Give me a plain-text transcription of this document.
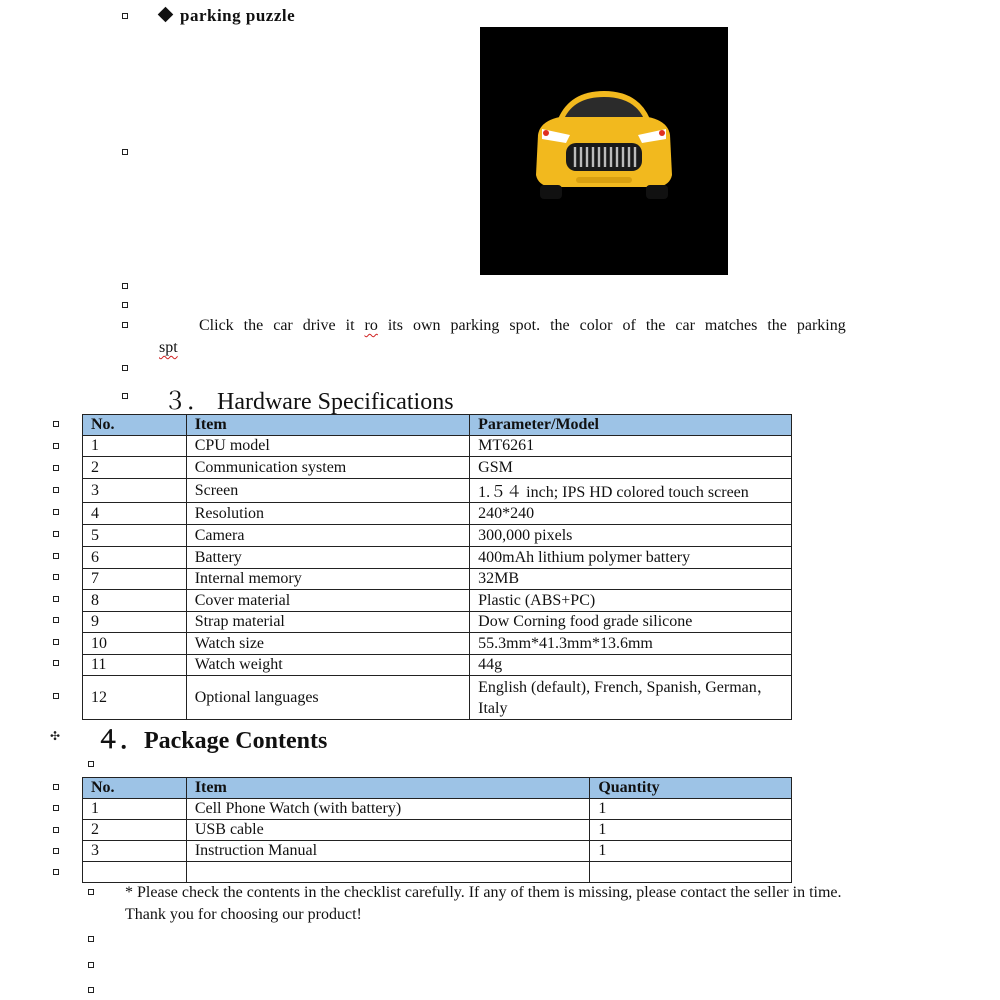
parking puzzle
Click the car drive it ro its own parking spot. the color of the car matches the parking spt
３． Hardware Specifications
No.	Item	Parameter/Model
1	CPU model	MT6261
2	Communication system	GSM
3	Screen	1.５４ inch; IPS HD colored touch screen
4	Resolution	240*240
5	Camera	300,000 pixels
6	Battery	400mAh lithium polymer battery
7	Internal memory	32MB
8	Cover material	Plastic (ABS+PC)
9	Strap material	Dow Corning food grade silicone
10	Watch size	55.3mm*41.3mm*13.6mm
11	Watch weight	44g
12	Optional languages	English (default), French, Spanish, German，Italy
✣ ４．Package Contents
No.	Item	Quantity
1	Cell Phone Watch (with battery)	1
2	USB cable	1
3	Instruction Manual	1

* Please check the contents in the checklist carefully. If any of them is missing, please contact the seller in time. Thank you for choosing our product!
